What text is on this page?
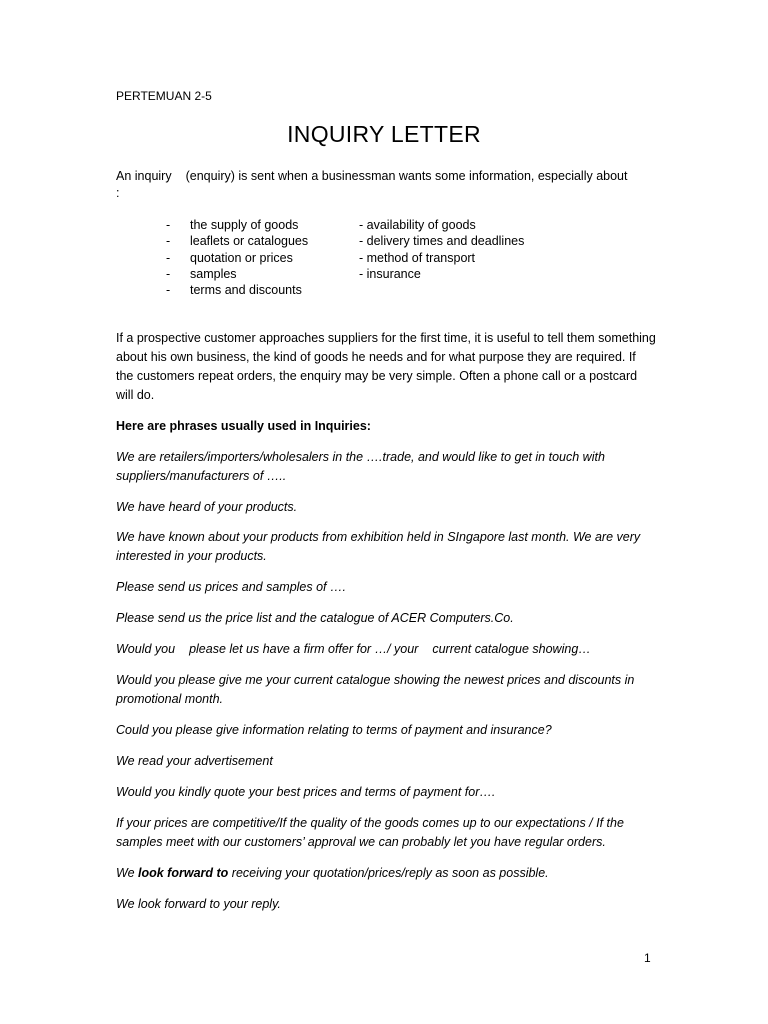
PERTEMUAN 2-5
INQUIRY LETTER
An inquiry (enquiry) is sent when a businessman wants some information, especially about
:
- the supply of goods	- availability of goods
- leaflets or catalogues	- delivery times and deadlines
- quotation or prices	- method of transport
- samples	- insurance
- terms and discounts
If a prospective customer approaches suppliers for the first time, it is useful to tell them something about his own business, the kind of goods he needs and for what purpose they are required. If the customers repeat orders, the enquiry may be very simple. Often a phone call or a postcard will do.
Here are phrases usually used in Inquiries:
We are retailers/importers/wholesalers in the ….trade, and would like to get in touch with suppliers/manufacturers of …..
We have heard of your products.
We have known about your products from exhibition held in SIngapore last month. We are very interested in your products.
Please send us prices and samples of ….
Please send us the price list and the catalogue of ACER Computers.Co.
Would you please let us have a firm offer for …/ your current catalogue showing…
Would you please give me your current catalogue showing the newest prices and discounts in promotional month.
Could you please give information relating to terms of payment and insurance?
We read your advertisement
Would you kindly quote your best prices and terms of payment for….
If your prices are competitive/If the quality of the goods comes up to our expectations / If the samples meet with our customers’ approval we can probably let you have regular orders.
We look forward to receiving your quotation/prices/reply as soon as possible.
We look forward to your reply.
1
